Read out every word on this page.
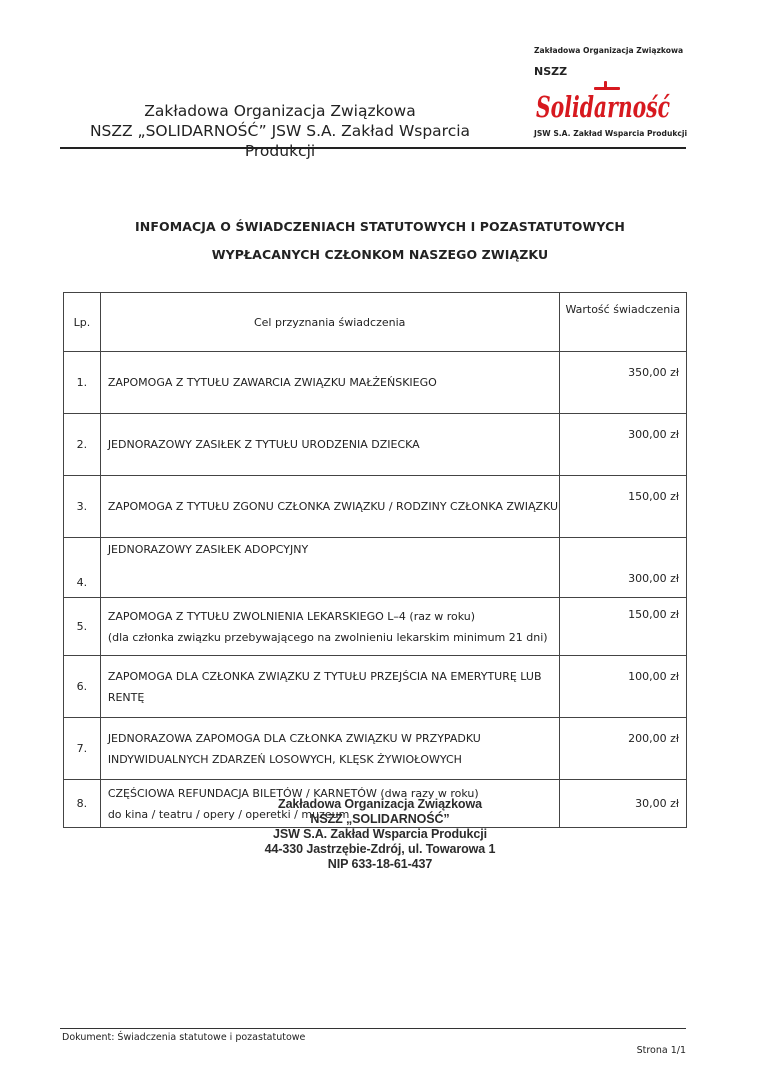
Zakładowa Organizacja Związkowa
NSZZ „SOLIDARNOŚĆ” JSW S.A. Zakład Wsparcia Produkcji
Zakładowa Organizacja Związkowa
NSZZ
Solidarność
JSW S.A. Zakład Wsparcia Produkcji
INFOMACJA O ŚWIADCZENIACH STATUTOWYCH I POZASTATUTOWYCH
WYPŁACANYCH CZŁONKOM NASZEGO ZWIĄZKU
Lp.	Cel przyznania świadczenia	Wartość świadczenia
1.	ZAPOMOGA Z TYTUŁU ZAWARCIA ZWIĄZKU MAŁŻEŃSKIEGO	350,00 zł
2.	JEDNORAZOWY ZASIŁEK Z TYTUŁU URODZENIA DZIECKA	300,00 zł
3.	ZAPOMOGA Z TYTUŁU ZGONU CZŁONKA ZWIĄZKU / RODZINY CZŁONKA ZWIĄZKU	150,00 zł
4.	JEDNORAZOWY ZASIŁEK ADOPCYJNY	300,00 zł
5.	ZAPOMOGA Z TYTUŁU ZWOLNIENIA LEKARSKIEGO L–4 (raz w roku)
(dla członka związku przebywającego na zwolnieniu lekarskim minimum 21 dni)	150,00 zł
6.	ZAPOMOGA DLA CZŁONKA ZWIĄZKU Z TYTUŁU PRZEJŚCIA NA EMERYTURĘ LUB RENTĘ	100,00 zł
7.	JEDNORAZOWA ZAPOMOGA DLA CZŁONKA ZWIĄZKU W PRZYPADKU
INDYWIDUALNYCH ZDARZEŃ LOSOWYCH, KLĘSK ŻYWIOŁOWYCH	200,00 zł
8.	CZĘŚCIOWA REFUNDACJA BILETÓW / KARNETÓW (dwa razy w roku)
do kina / teatru / opery / operetki / muzeum	30,00 zł
Zakładowa Organizacja Związkowa
NSZZ „SOLIDARNOŚĆ”
JSW S.A. Zakład Wsparcia Produkcji
44-330 Jastrzębie-Zdrój, ul. Towarowa 1
NIP 633-18-61-437
Dokument: Świadczenia statutowe i pozastatutowe
Strona 1/1
